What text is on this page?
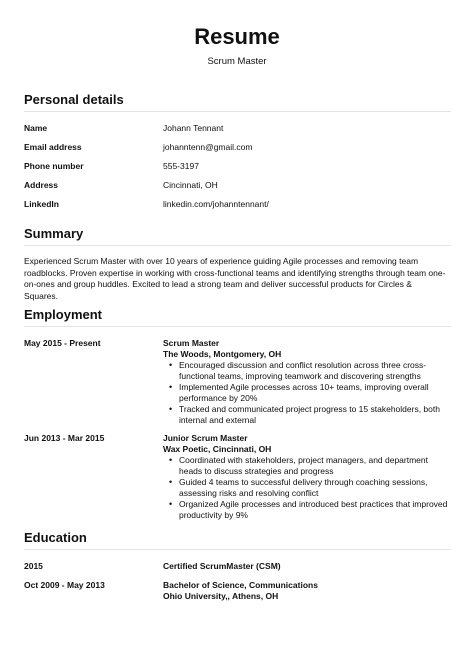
Resume
Scrum Master
Personal details
Name	Johann Tennant
Email address	johanntenn@gmail.com
Phone number	555-3197
Address	Cincinnati, OH
LinkedIn	linkedin.com/johanntennant/
Summary
Experienced Scrum Master with over 10 years of experience guiding Agile processes and removing team roadblocks. Proven expertise in working with cross-functional teams and identifying strengths through team one-on-ones and group huddles. Excited to lead a strong team and deliver successful products for Circles & Squares.
Employment
May 2015 - Present	Scrum Master
The Woods, Montgomery, OH
• Encouraged discussion and conflict resolution across three cross-functional teams, improving teamwork and discovering strengths
• Implemented Agile processes across 10+ teams, improving overall performance by 20%
• Tracked and communicated project progress to 15 stakeholders, both internal and external
Jun 2013 - Mar 2015	Junior Scrum Master
Wax Poetic, Cincinnati, OH
• Coordinated with stakeholders, project managers, and department heads to discuss strategies and progress
• Guided 4 teams to successful delivery through coaching sessions, assessing risks and resolving conflict
• Organized Agile processes and introduced best practices that improved productivity by 9%
Education
2015	Certified ScrumMaster (CSM)
Oct 2009 - May 2013	Bachelor of Science, Communications
Ohio University,, Athens, OH
